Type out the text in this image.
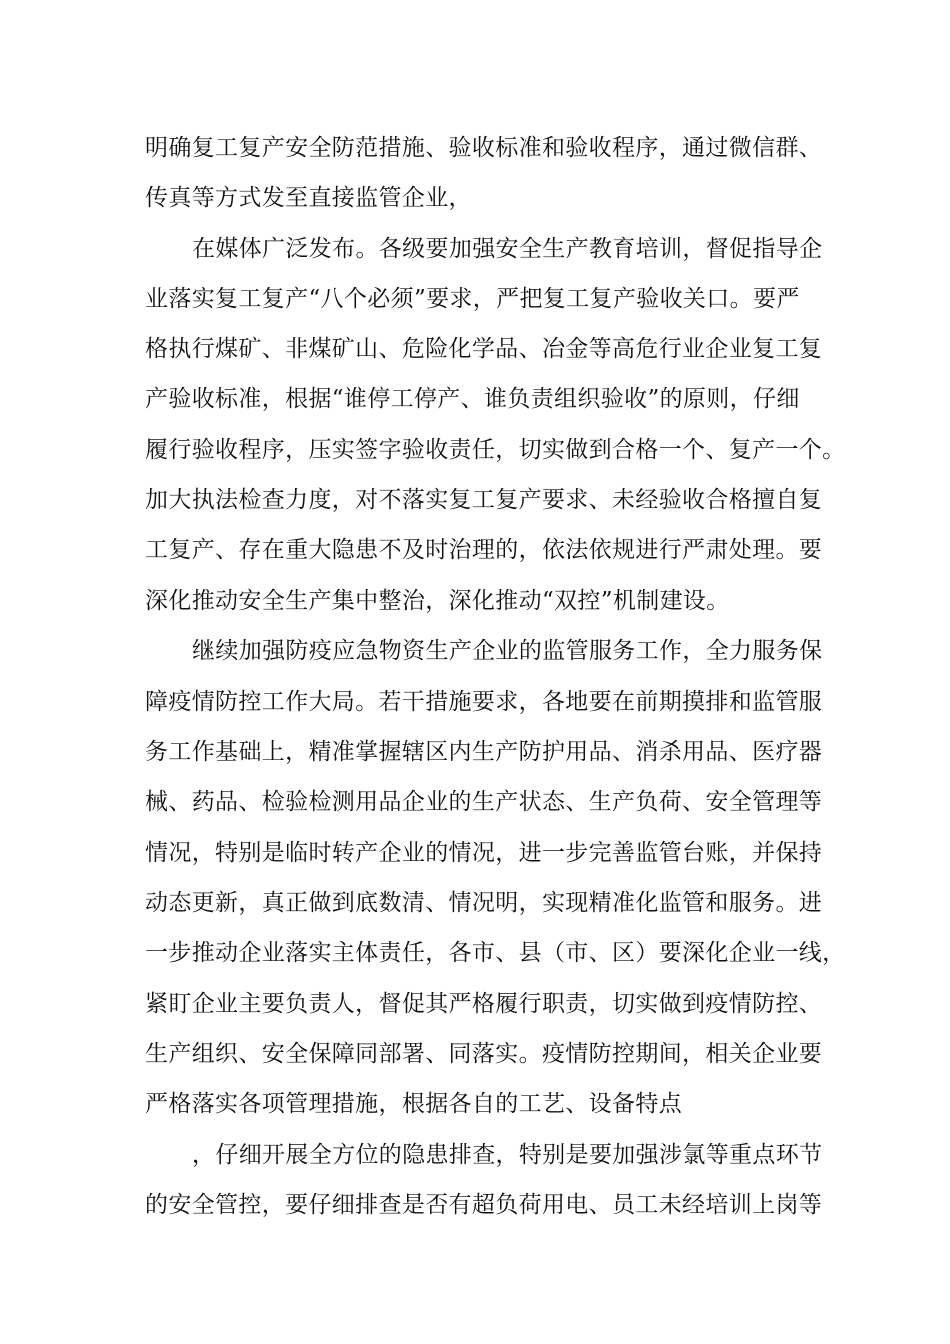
明确复工复产安全防范措施、验收标准和验收程序，通过微信群、
传真等方式发至直接监管企业，
在媒体广泛发布。各级要加强安全生产教育培训，督促指导企
业落实复工复产“八个必须”要求，严把复工复产验收关口。要严
格执行煤矿、非煤矿山、危险化学品、冶金等高危行业企业复工复
产验收标准，根据“谁停工停产、谁负责组织验收”的原则，仔细
履行验收程序，压实签字验收责任，切实做到合格一个、复产一个。
加大执法检查力度，对不落实复工复产要求、未经验收合格擅自复
工复产、存在重大隐患不及时治理的，依法依规进行严肃处理。要
深化推动安全生产集中整治，深化推动“双控”机制建设。
继续加强防疫应急物资生产企业的监管服务工作，全力服务保
障疫情防控工作大局。若干措施要求，各地要在前期摸排和监管服
务工作基础上，精准掌握辖区内生产防护用品、消杀用品、医疗器
械、药品、检验检测用品企业的生产状态、生产负荷、安全管理等
情况，特别是临时转产企业的情况，进一步完善监管台账，并保持
动态更新，真正做到底数清、情况明，实现精准化监管和服务。进
一步推动企业落实主体责任，各市、县（市、区）要深化企业一线，
紧盯企业主要负责人，督促其严格履行职责，切实做到疫情防控、
生产组织、安全保障同部署、同落实。疫情防控期间，相关企业要
严格落实各项管理措施，根据各自的工艺、设备特点
，仔细开展全方位的隐患排查，特别是要加强涉氯等重点环节
的安全管控，要仔细排查是否有超负荷用电、员工未经培训上岗等
